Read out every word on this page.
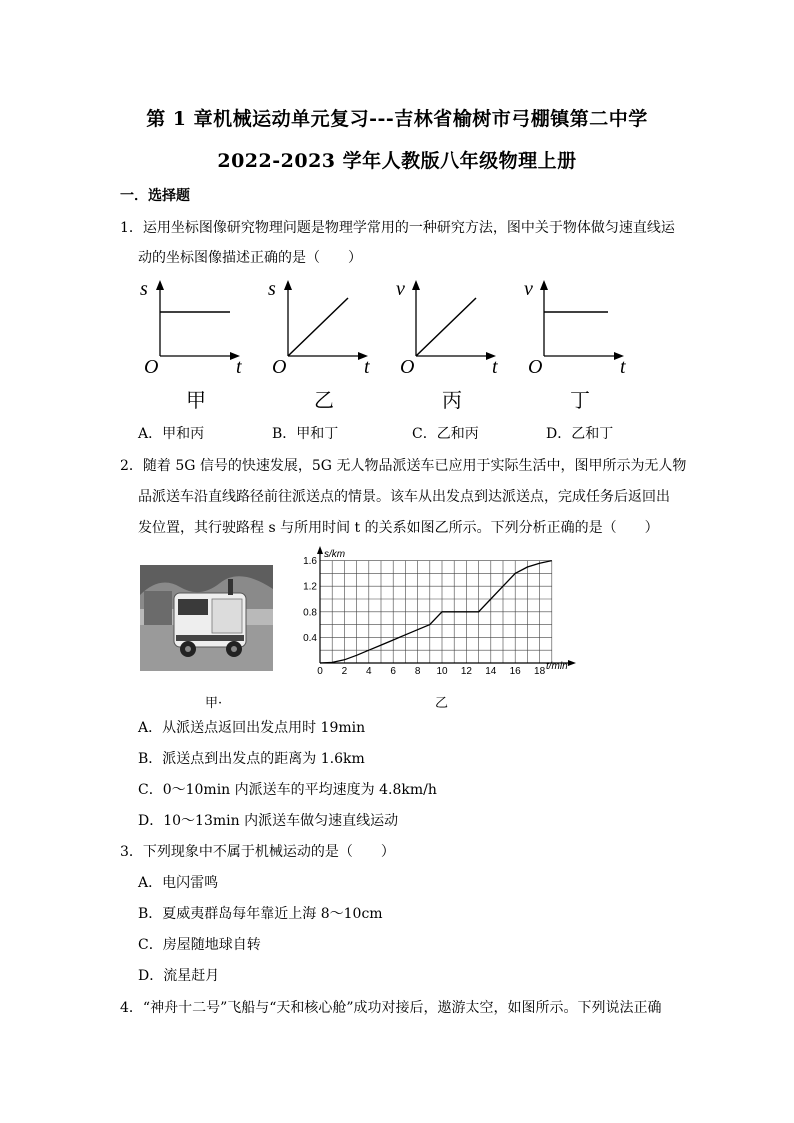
第 1 章机械运动单元复习---吉林省榆树市弓棚镇第二中学
2022-2023 学年人教版八年级物理上册
一．选择题
1．运用坐标图像研究物理问题是物理学常用的一种研究方法，图中关于物体做匀速直线运
动的坐标图像描述正确的是（　　）
s
O	t
甲
s
O	t
乙
v
O	t
丙
v
O	t
丁
A．甲和丙	B．甲和丁	C．乙和丙	D．乙和丁
2．随着 5G 信号的快速发展，5G 无人物品派送车已应用于实际生活中，图甲所示为无人物
品派送车沿直线路径前往派送点的情景。该车从出发点到达派送点，完成任务后返回出
发位置，其行驶路程 s 与所用时间 t 的关系如图乙所示。下列分析正确的是（　　）
甲·
0 2 4 6 8 10 12 14 16 18
0.4
0.8
1.2
1.6
s/km
t/min
乙
A．从派送点返回出发点用时 19min
B．派送点到出发点的距离为 1.6km
C．0～10min 内派送车的平均速度为 4.8km/h
D．10～13min 内派送车做匀速直线运动
3．下列现象中不属于机械运动的是（　　）
A．电闪雷鸣
B．夏威夷群岛每年靠近上海 8～10cm
C．房屋随地球自转
D．流星赶月
4．“神舟十二号”飞船与“天和核心舱”成功对接后，遨游太空，如图所示。下列说法正确
